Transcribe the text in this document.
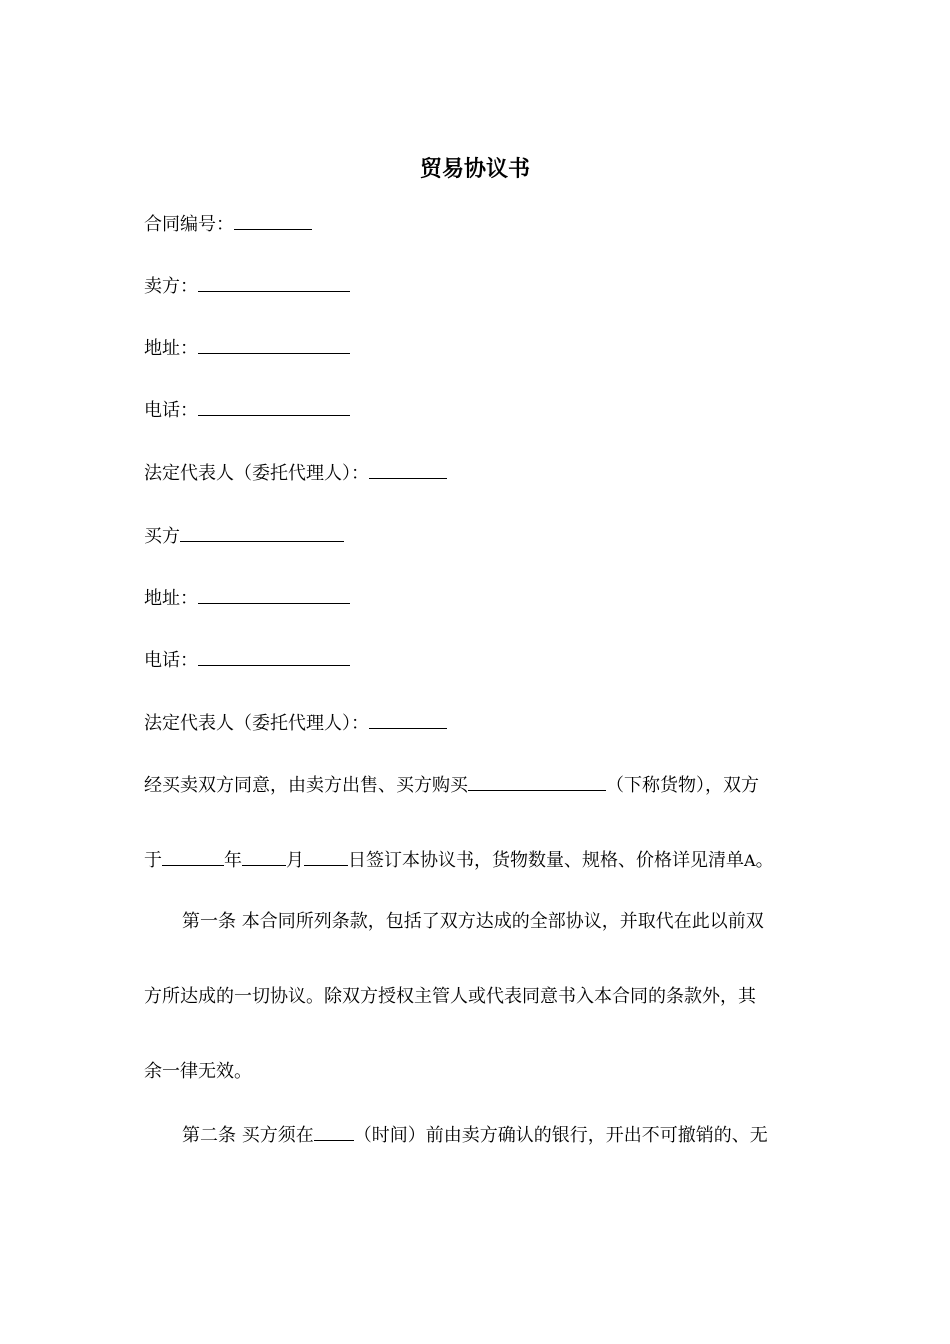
贸易协议书
合同编号：
卖方：
地址：
电话：
法定代表人（委托代理人）：
买方
地址：
电话：
法定代表人（委托代理人）：
经买卖双方同意，由卖方出售、买方购买	（下称货物），双方
于	年 月 日签订本协议书，货物数量、规格、价格详见清单A。
第一条 本合同所列条款，包括了双方达成的全部协议，并取代在此以前双
方所达成的一切协议。除双方授权主管人或代表同意书入本合同的条款外，其
余一律无效。
第二条 买方须在 （时间）前由卖方确认的银行，开出不可撤销的、无
